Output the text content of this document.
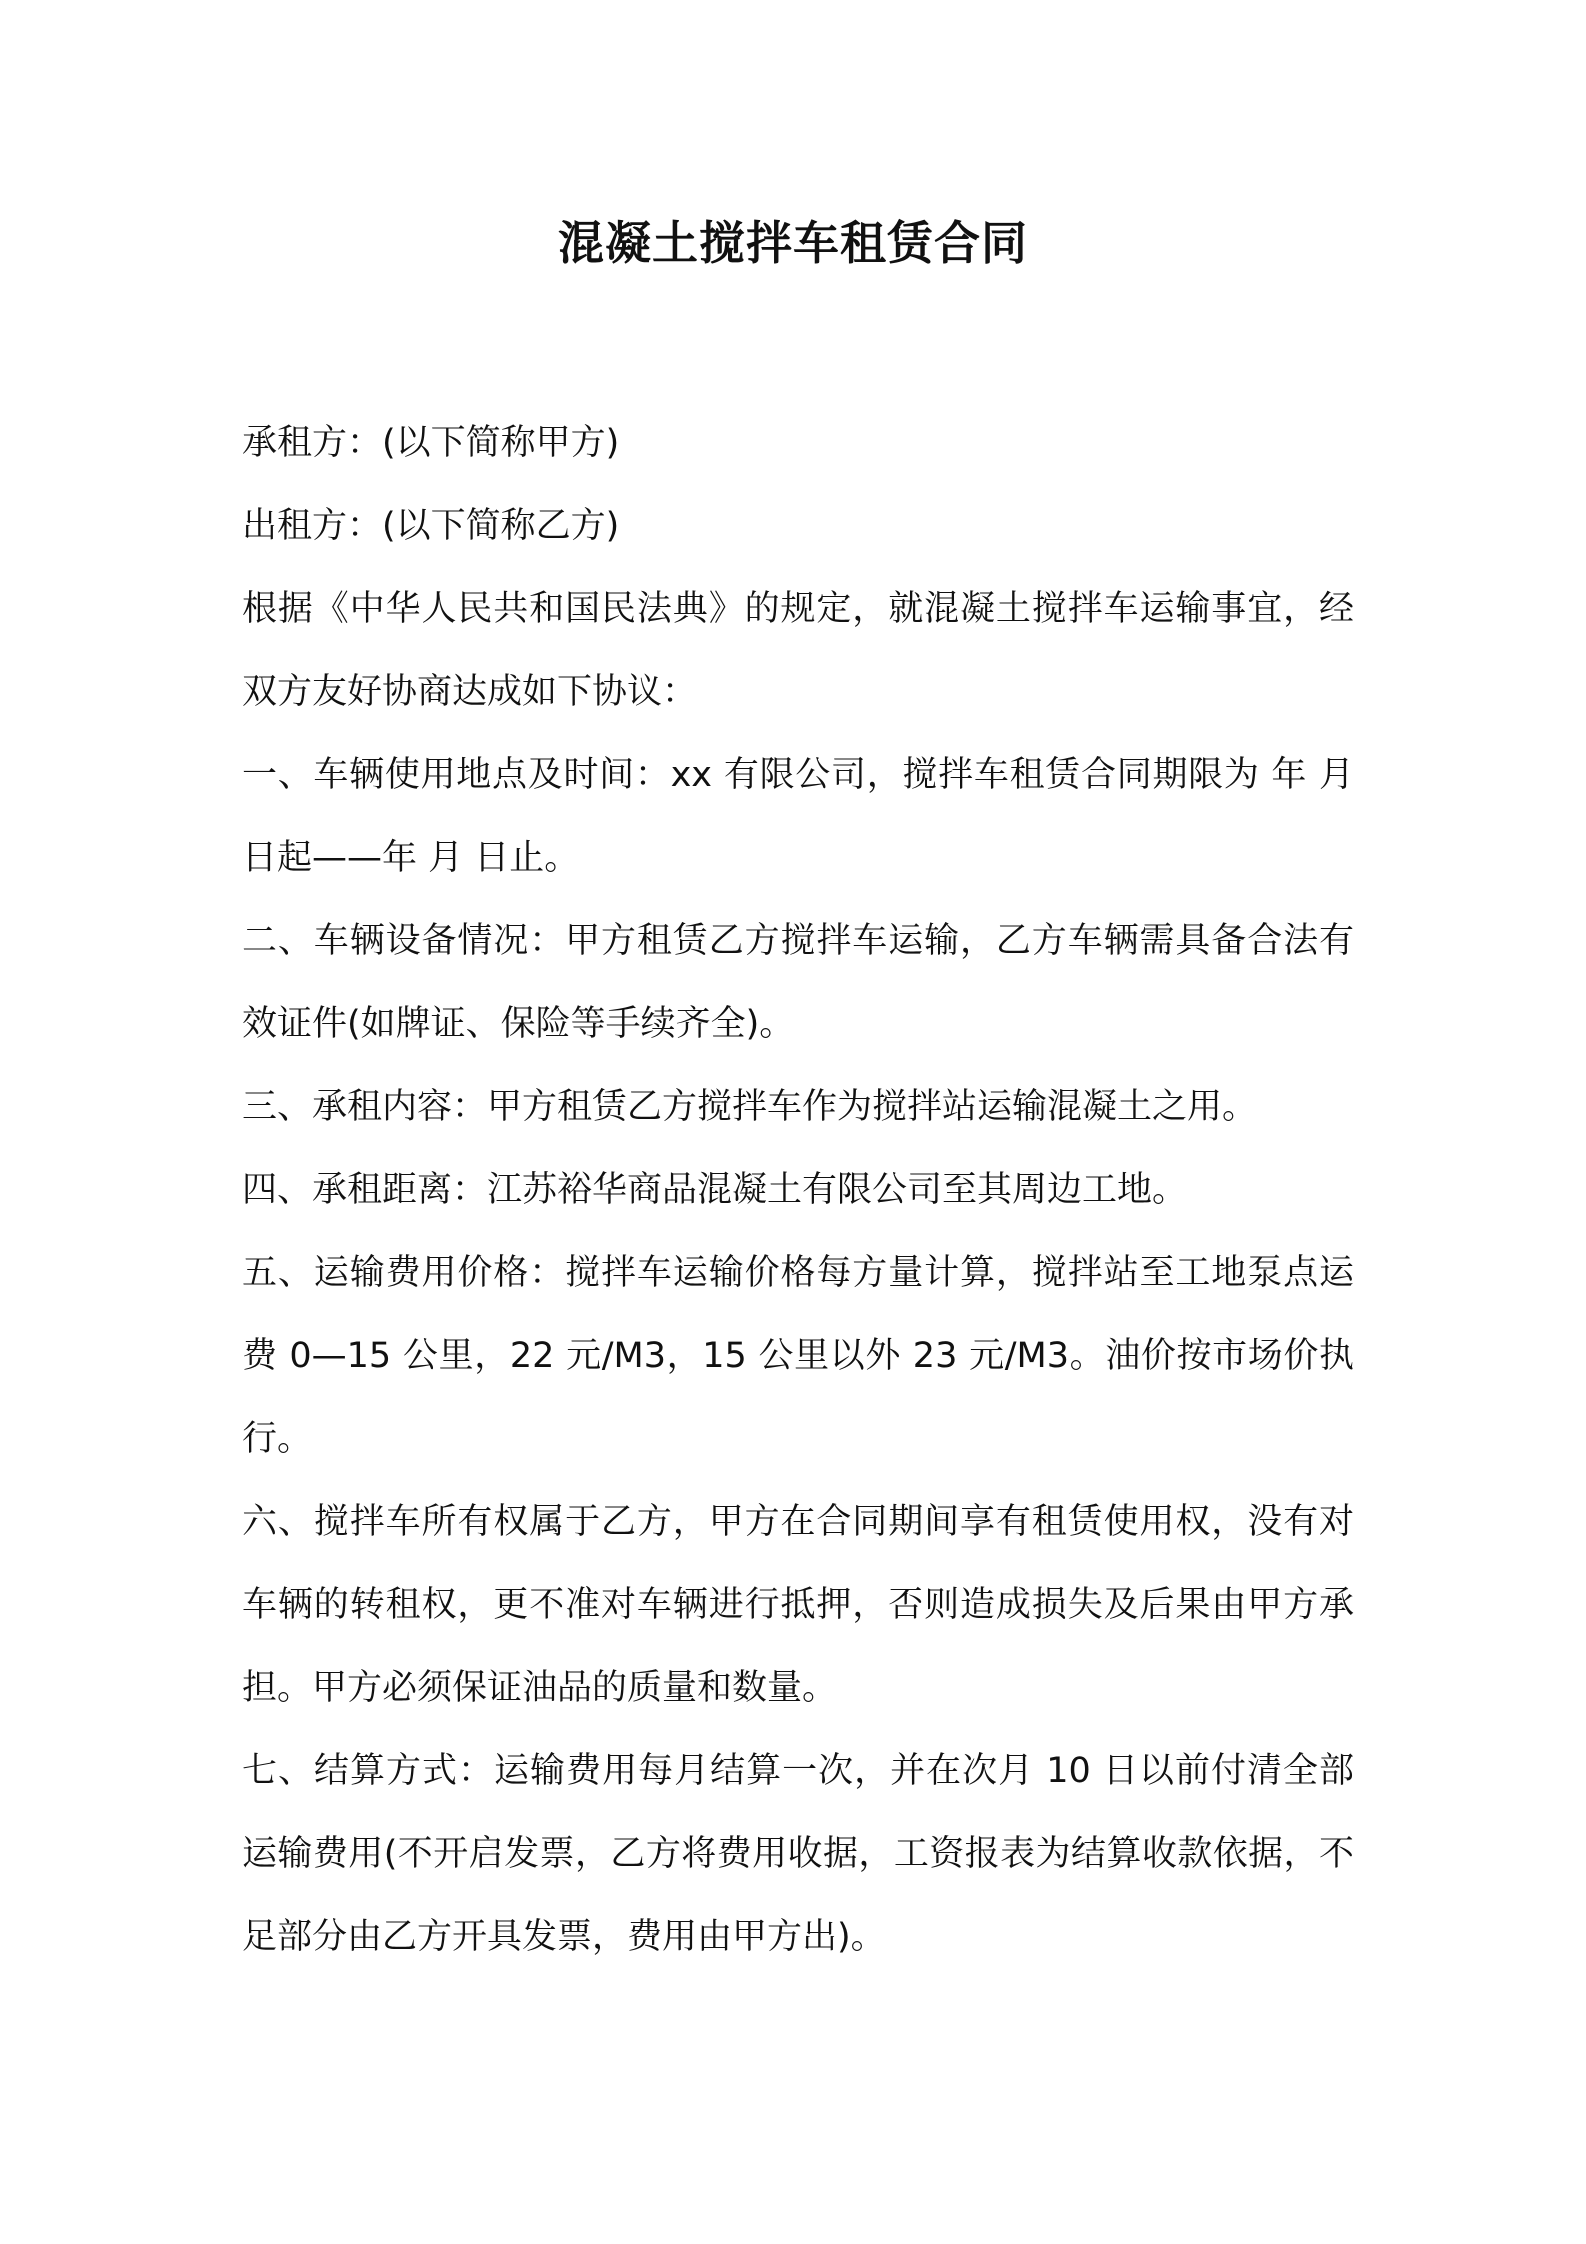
混凝土搅拌车租赁合同

承租方：(以下简称甲方)

出租方：(以下简称乙方)

根据《中华人民共和国民法典》的规定，就混凝土搅拌车运输事宜，经双方友好协商达成如下协议：

一、车辆使用地点及时间：xx 有限公司，搅拌车租赁合同期限为 年 月 日起——年 月 日止。

二、车辆设备情况：甲方租赁乙方搅拌车运输，乙方车辆需具备合法有效证件(如牌证、保险等手续齐全)。

三、承租内容：甲方租赁乙方搅拌车作为搅拌站运输混凝土之用。

四、承租距离：江苏裕华商品混凝土有限公司至其周边工地。

五、运输费用价格：搅拌车运输价格每方量计算，搅拌站至工地泵点运费 0—15 公里，22 元/M3，15 公里以外 23 元/M3。油价按市场价执行。

六、搅拌车所有权属于乙方，甲方在合同期间享有租赁使用权，没有对车辆的转租权，更不准对车辆进行抵押，否则造成损失及后果由甲方承担。甲方必须保证油品的质量和数量。

七、结算方式：运输费用每月结算一次，并在次月 10 日以前付清全部运输费用(不开启发票，乙方将费用收据，工资报表为结算收款依据，不足部分由乙方开具发票，费用由甲方出)。
